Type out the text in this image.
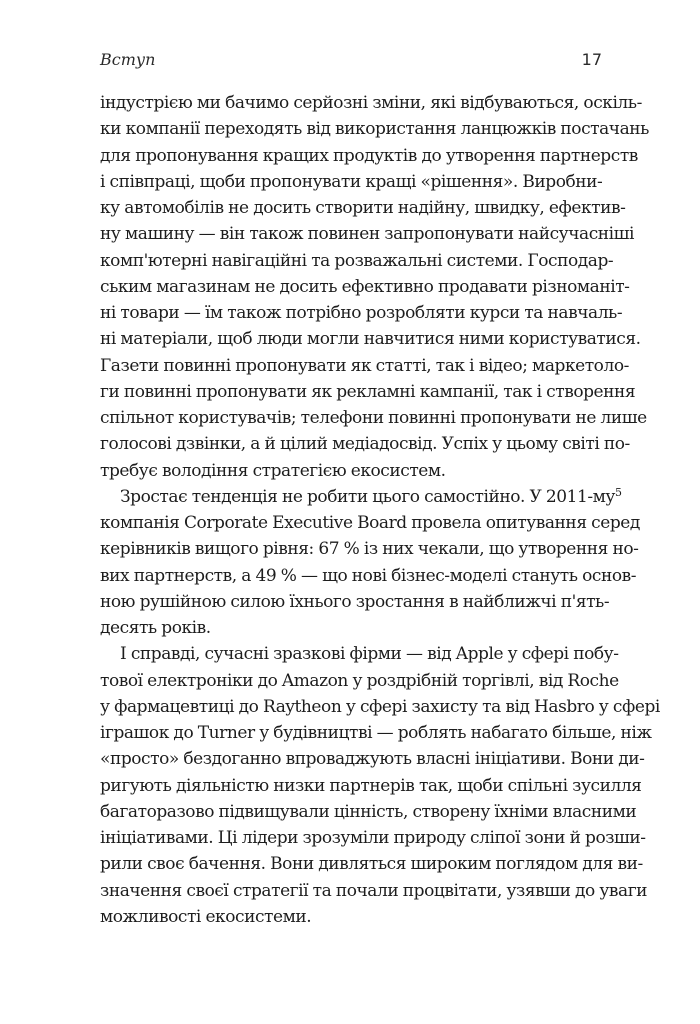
Вступ	17
індустрією ми бачимо серйозні зміни, які відбуваються, оскіль-
ки компанії переходять від використання ланцюжків постачань
для пропонування кращих продуктів до утворення партнерств
і співпраці, щоби пропонувати кращі «рішення». Виробни-
ку автомобілів не досить створити надійну, швидку, ефектив-
ну машину — він також повинен запропонувати найсучасніші
комп'ютерні навігаційні та розважальні системи. Господар-
ським магазинам не досить ефективно продавати різноманіт-
ні товари — їм також потрібно розробляти курси та навчаль-
ні матеріали, щоб люди могли навчитися ними користуватися.
Газети повинні пропонувати як статті, так і відео; маркетоло-
ги повинні пропонувати як рекламні кампанії, так і створення
спільнот користувачів; телефони повинні пропонувати не лише
голосові дзвінки, а й цілий медіадосвід. Успіх у цьому світі по-
требує володіння стратегією екосистем.
Зростає тенденція не робити цього самостійно. У 2011-му$^5$
компанія Corporate Executive Board провела опитування серед
керівників вищого рівня: 67 % із них чекали, що утворення но-
вих партнерств, а 49 % — що нові бізнес-моделі стануть основ-
ною рушійною силою їхнього зростання в найближчі п'ять-
десять років.
І справді, сучасні зразкові фірми — від Apple у сфері побу-
тової електроніки до Amazon у роздрібній торгівлі, від Roche
у фармацевтиці до Raytheon у сфері захисту та від Hasbro у сфері
іграшок до Turner у будівництві — роблять набагато більше, ніж
«просто» бездоганно впроваджують власні ініціативи. Вони ди-
ригують діяльністю низки партнерів так, щоби спільні зусилля
багаторазово підвищували цінність, створену їхніми власними
ініціативами. Ці лідери зрозуміли природу сліпої зони й розши-
рили своє бачення. Вони дивляться широким поглядом для ви-
значення своєї стратегії та почали процвітати, узявши до уваги
можливості екосистеми.
